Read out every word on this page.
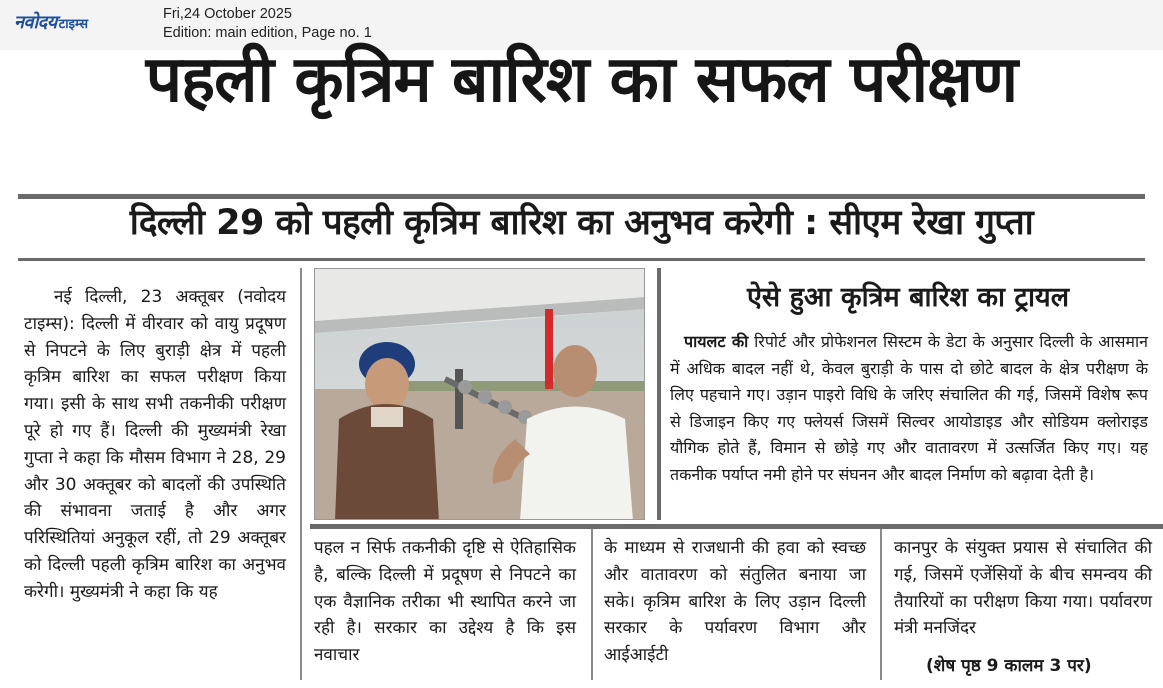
नवोदय टाइम्स
Fri,24 October 2025
Edition: main edition, Page no. 1
पहली कृत्रिम बारिश का सफल परीक्षण
दिल्ली 29 को पहली कृत्रिम बारिश का अनुभव करेगी : सीएम रेखा गुप्ता

नई दिल्ली, 23 अक्तूबर (नवोदय टाइम्स): दिल्ली में वीरवार को वायु प्रदूषण से निपटने के लिए बुराड़ी क्षेत्र में पहली कृत्रिम बारिश का सफल परीक्षण किया गया। इसी के साथ सभी तकनीकी परीक्षण पूरे हो गए हैं। दिल्ली की मुख्यमंत्री रेखा गुप्ता ने कहा कि मौसम विभाग ने 28, 29 और 30 अक्तूबर को बादलों की उपस्थिति की संभावना जताई है और अगर परिस्थितियां अनुकूल रहीं, तो 29 अक्तूबर को दिल्ली पहली कृत्रिम बारिश का अनुभव करेगी। मुख्यमंत्री ने कहा कि यह

पहल न सिर्फ तकनीकी दृष्टि से ऐतिहासिक है, बल्कि दिल्ली में प्रदूषण से निपटने का एक वैज्ञानिक तरीका भी स्थापित करने जा रही है। सरकार का उद्देश्य है कि इस नवाचार

के माध्यम से राजधानी की हवा को स्वच्छ और वातावरण को संतुलित बनाया जा सके। कृत्रिम बारिश के लिए उड़ान दिल्ली सरकार के पर्यावरण विभाग और आईआईटी

कानपुर के संयुक्त प्रयास से संचालित की गई, जिसमें एजेंसियों के बीच समन्वय की तैयारियों का परीक्षण किया गया। पर्यावरण मंत्री मनजिंदर

(शेष पृष्ठ 9 कालम 3 पर)
ऐसे हुआ कृत्रिम बारिश का ट्रायल

पायलट की रिपोर्ट और प्रोफेशनल सिस्टम के डेटा के अनुसार दिल्ली के आसमान में अधिक बादल नहीं थे, केवल बुराड़ी के पास दो छोटे बादल के क्षेत्र परीक्षण के लिए पहचाने गए। उड़ान पाइरो विधि के जरिए संचालित की गई, जिसमें विशेष रूप से डिजाइन किए गए फ्लेयर्स जिसमें सिल्वर आयोडाइड और सोडियम क्लोराइड यौगिक होते हैं, विमान से छोड़े गए और वातावरण में उत्सर्जित किए गए। यह तकनीक पर्याप्त नमी होने पर संघनन और बादल निर्माण को बढ़ावा देती है।
